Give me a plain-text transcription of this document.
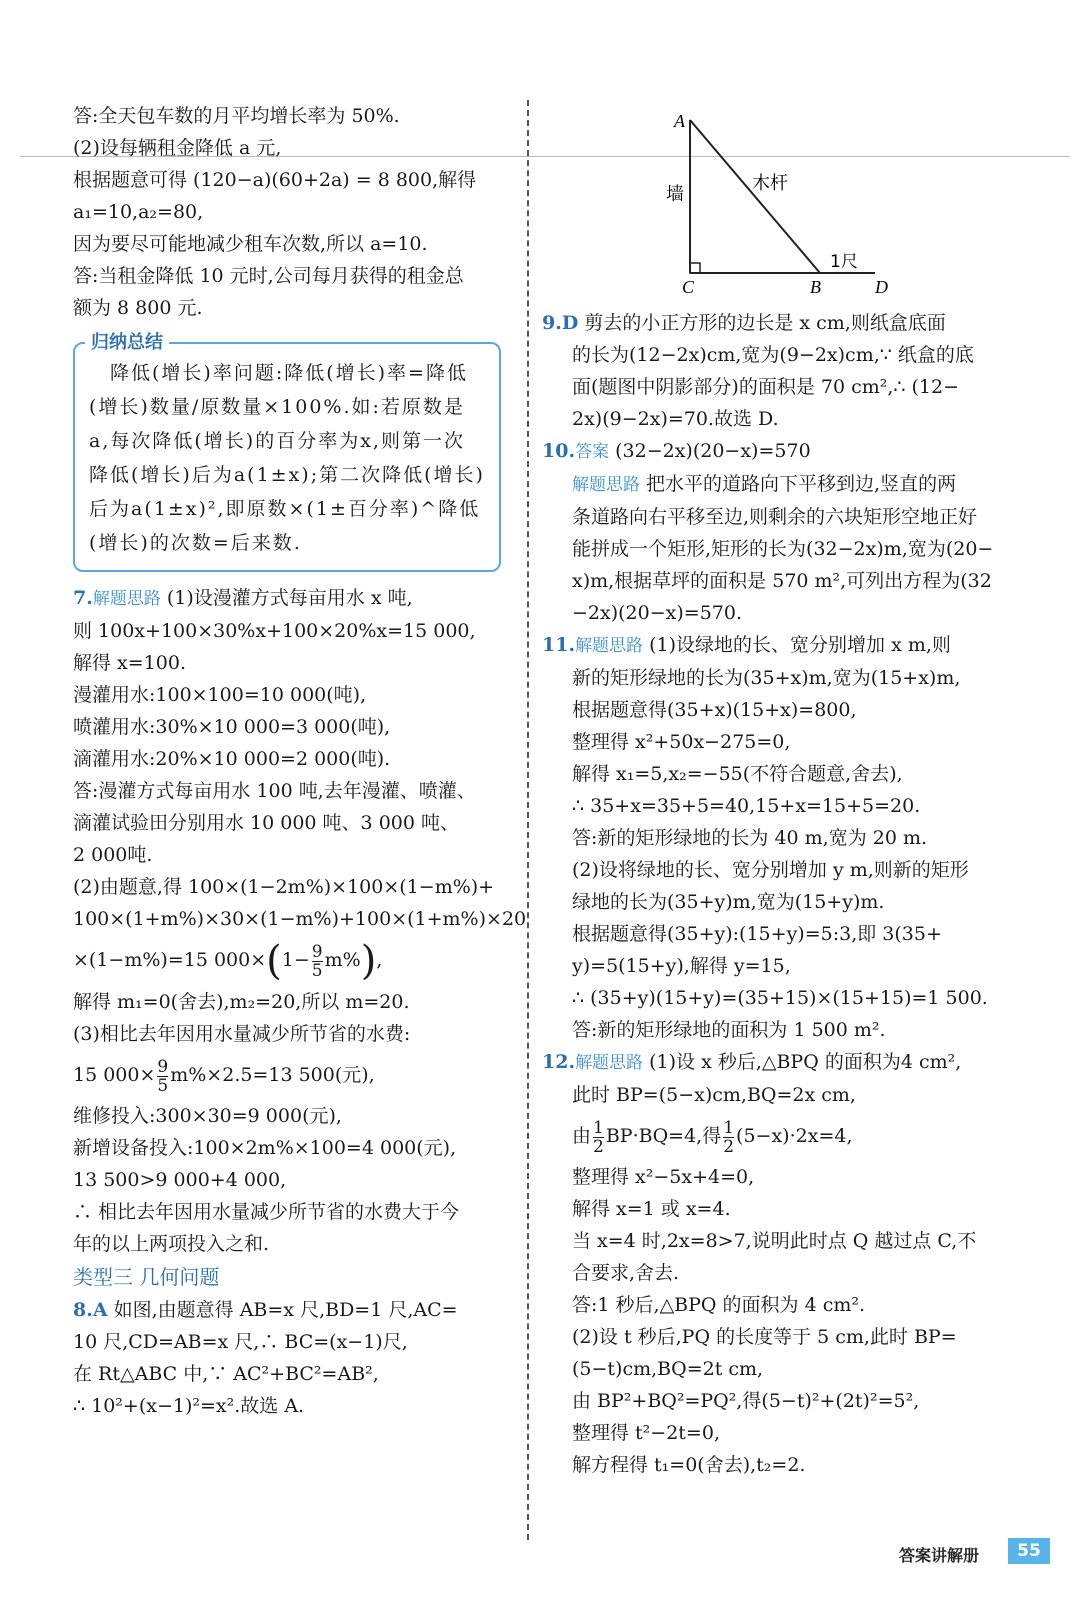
答:全天包车数的月平均增长率为 50%.
(2)设每辆租金降低 a 元,
根据题意可得 (120−a)(60+2a) = 8 800,解得
a₁=10,a₂=80,
因为要尽可能地减少租车次数,所以 a=10.
答:当租金降低 10 元时,公司每月获得的租金总
额为 8 800 元.
归纳总结
　降低(增长)率问题:降低(增长)率=降低(增长)数量/原数量×100%.如:若原数是a,每次降低(增长)的百分率为x,则第一次降低(增长)后为a(1±x);第二次降低(增长)后为a(1±x)²,即原数×(1±百分率)^降低(增长)的次数=后来数.
7.解题思路 (1)设漫灌方式每亩用水 x 吨,
则 100x+100×30%x+100×20%x=15 000,
解得 x=100.
漫灌用水:100×100=10 000(吨),
喷灌用水:30%×10 000=3 000(吨),
滴灌用水:20%×10 000=2 000(吨).
答:漫灌方式每亩用水 100 吨,去年漫灌、喷灌、
滴灌试验田分别用水 10 000 吨、3 000 吨、
2 000吨.
(2)由题意,得 100×(1−2m%)×100×(1−m%)+
100×(1+m%)×30×(1−m%)+100×(1+m%)×20
×(1−m%)=15 $000\times(1- \frac{9}{5} m\%)$,
解得 m₁=0(舍去),m₂=20,所以 m=20.
(3)相比去年因用水量减少所节省的水费:
15 $000\times \frac{9}{5} m\%\times 2.5=13$ 500(元),
维修投入:300×30=9 000(元),
新增设备投入:100×2m%×100=4 000(元),
13 500>9 000+4 000,
∴ 相比去年因用水量减少所节省的水费大于今
年的以上两项投入之和.
类型三 几何问题
8.A 如图,由题意得 AB=x 尺,BD=1 尺,AC=
10 尺,CD=AB=x 尺,∴ BC=(x−1)尺,
在 Rt△ABC 中,∵ AC²+BC²=AB²,
∴ 10²+(x−1)²=x².故选 A.
A
C	B	D
墙
木杆
1尺
9.D 剪去的小正方形的边长是 x cm,则纸盒底面
的长为(12−2x)cm,宽为(9−2x)cm,∵ 纸盒的底
面(题图中阴影部分)的面积是 70 cm²,∴ (12−
2x)(9−2x)=70.故选 D.
10.答案 (32−2x)(20−x)=570
解题思路 把水平的道路向下平移到边,竖直的两
条道路向右平移至边,则剩余的六块矩形空地正好
能拼成一个矩形,矩形的长为(32−2x)m,宽为(20−
x)m,根据草坪的面积是 570 m²,可列出方程为(32
−2x)(20−x)=570.
11.解题思路 (1)设绿地的长、宽分别增加 x m,则
新的矩形绿地的长为(35+x)m,宽为(15+x)m,
根据题意得(35+x)(15+x)=800,
整理得 x²+50x−275=0,
解得 x₁=5,x₂=−55(不符合题意,舍去),
∴ 35+x=35+5=40,15+x=15+5=20.
答:新的矩形绿地的长为 40 m,宽为 20 m.
(2)设将绿地的长、宽分别增加 y m,则新的矩形
绿地的长为(35+y)m,宽为(15+y)m.
根据题意得(35+y):(15+y)=5:3,即 3(35+
y)=5(15+y),解得 y=15,
∴ (35+y)(15+y)=(35+15)×(15+15)=1 500.
答:新的矩形绿地的面积为 1 500 m².
12.解题思路 (1)设 x 秒后,△BPQ 的面积为4 cm²,
此时 BP=(5−x)cm,BQ=2x cm,
由 $\frac{1}{2} BP\cdot BQ=4$,得 $\frac{1}{2} (5-x)\cdot 2x=4$,
整理得 x²−5x+4=0,
解得 x=1 或 x=4.
当 x=4 时,2x=8>7,说明此时点 Q 越过点 C,不
合要求,舍去.
答:1 秒后,△BPQ 的面积为 4 cm².
(2)设 t 秒后,PQ 的长度等于 5 cm,此时 BP=
(5−t)cm,BQ=2t cm,
由 BP²+BQ²=PQ²,得(5−t)²+(2t)²=5²,
整理得 t²−2t=0,
解方程得 t₁=0(舍去),t₂=2.
答案讲解册	55
